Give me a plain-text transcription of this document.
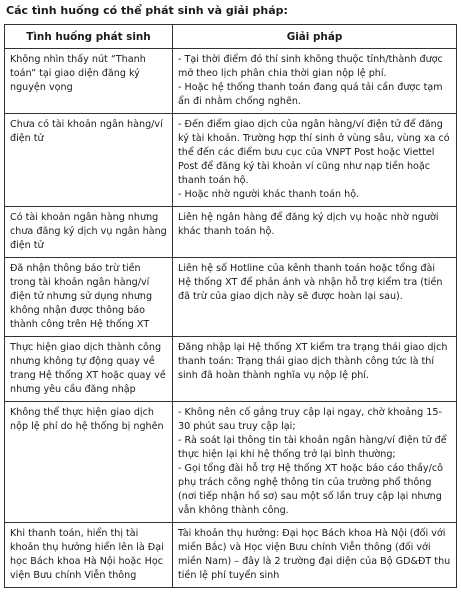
Các tình huống có thể phát sinh và giải pháp:
Tình huống phát sinh	Giải pháp
Không nhìn thấy nút “Thanh toán” tại giao diện đăng ký nguyện vọng	- Tại thời điểm đó thí sinh không thuộc tỉnh/thành được mở theo lịch phân chia thời gian nộp lệ phí.
- Hoặc hệ thống thanh toán đang quá tải cần được tạm ẩn đi nhằm chống nghẽn.

Chưa có tài khoản ngân hàng/ví điện tử	- Đến điểm giao dịch của ngân hàng/ví điện tử để đăng ký tài khoản. Trường hợp thí sinh ở vùng sâu, vùng xa có thể đến các điểm bưu cục của VNPT Post hoặc Viettel Post để đăng ký tài khoản ví cũng như nạp tiền hoặc thanh toán hộ.
- Hoặc nhờ người khác thanh toán hộ.

Có tài khoản ngân hàng nhưng chưa đăng ký dịch vụ ngân hàng điện tử	Liên hệ ngân hàng để đăng ký dịch vụ hoặc nhờ người khác thanh toán hộ.

Đã nhận thông báo trừ tiền trong tài khoản ngân hàng/ví điện tử nhưng sử dụng nhưng không nhận được thông báo thành công trên Hệ thống XT	Liên hệ số Hotline của kênh thanh toán hoặc tổng đài Hệ thống XT để phản ánh và nhận hỗ trợ kiểm tra (tiền đã trừ của giao dịch này sẽ được hoàn lại sau).

Thực hiện giao dịch thành công nhưng không tự động quay về trang Hệ thống XT hoặc quay về nhưng yêu cầu đăng nhập	Đăng nhập lại Hệ thống XT kiểm tra trạng thái giao dịch thanh toán: Trạng thái giao dịch thành công tức là thí sinh đã hoàn thành nghĩa vụ nộp lệ phí.

Không thể thực hiện giao dịch nộp lệ phí do hệ thống bị nghẽn	- Không nên cố gắng truy cập lại ngay, chờ khoảng 15-30 phút sau truy cập lại;
- Rà soát lại thông tin tài khoản ngân hàng/ví điện tử để thực hiện lại khi hệ thống trở lại bình thường;
- Gọi tổng đài hỗ trợ Hệ thống XT hoặc báo cáo thầy/cô phụ trách công nghệ thông tin của trường phổ thông (nơi tiếp nhận hồ sơ) sau một số lần truy cập lại nhưng vẫn không thành công.

Khi thanh toán, hiển thị tài khoản thụ hưởng hiển lên là Đại học Bách khoa Hà Nội hoặc Học viện Bưu chính Viễn thông	Tài khoản thụ hưởng: Đại học Bách khoa Hà Nội (đối với miền Bắc) và Học viện Bưu chính Viễn thông (đối với miền Nam) – đây là 2 trường đại diện của Bộ GD&ĐT thu tiền lệ phí tuyển sinh
